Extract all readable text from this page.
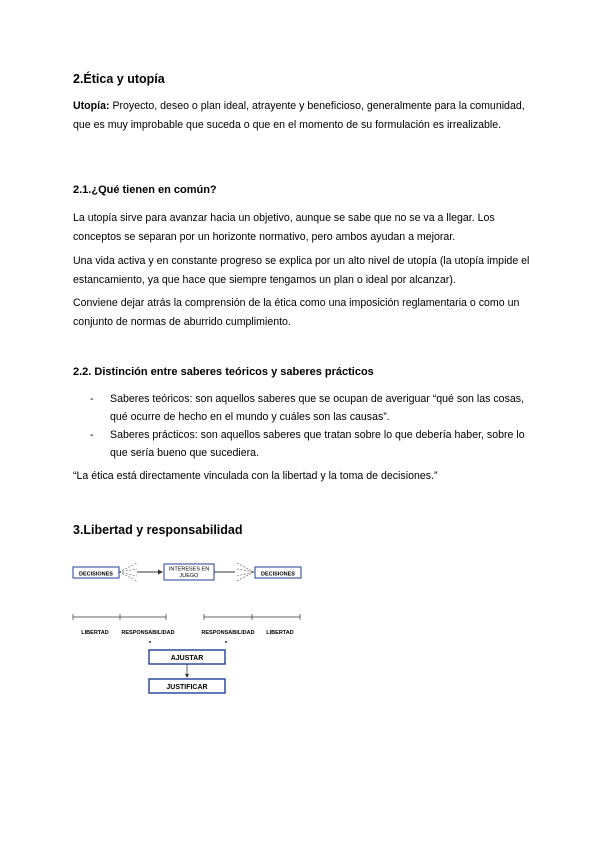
2.Ética y utopía

Utopía: Proyecto, deseo o plan ideal, atrayente y beneficioso, generalmente para la comunidad, que es muy improbable que suceda o que en el momento de su formulación es irrealizable.

2.1.¿Qué tienen en común?

La utopía sirve para avanzar hacia un objetivo, aunque se sabe que no se va a llegar. Los conceptos se separan por un horizonte normativo, pero ambos ayudan a mejorar.

Una vida activa y en constante progreso se explica por un alto nivel de utopía (la utopía impide el estancamiento, ya que hace que siempre tengamos un plan o ideal por alcanzar).

Conviene dejar atrás la comprensión de la ética como una imposición reglamentaria o como un conjunto de normas de aburrido cumplimiento.

2.2. Distinción entre saberes teóricos y saberes prácticos
- Saberes teóricos: son aquellos saberes que se ocupan de averiguar “qué son las cosas, qué ocurre de hecho en el mundo y cuáles son las causas”.
- Saberes prácticos: son aquellos saberes que tratan sobre lo que debería haber, sobre lo que sería bueno que sucediera.

“La ética está directamente vinculada con la libertad y la toma de decisiones.”

3.Libertad y responsabilidad
DECISIONES
INTERESES EN
JUEGO	DECISIONES
LIBERTAD RESPONSABILIDAD	RESPONSABILIDAD LIBERTAD
AJUSTAR
JUSTIFICAR
